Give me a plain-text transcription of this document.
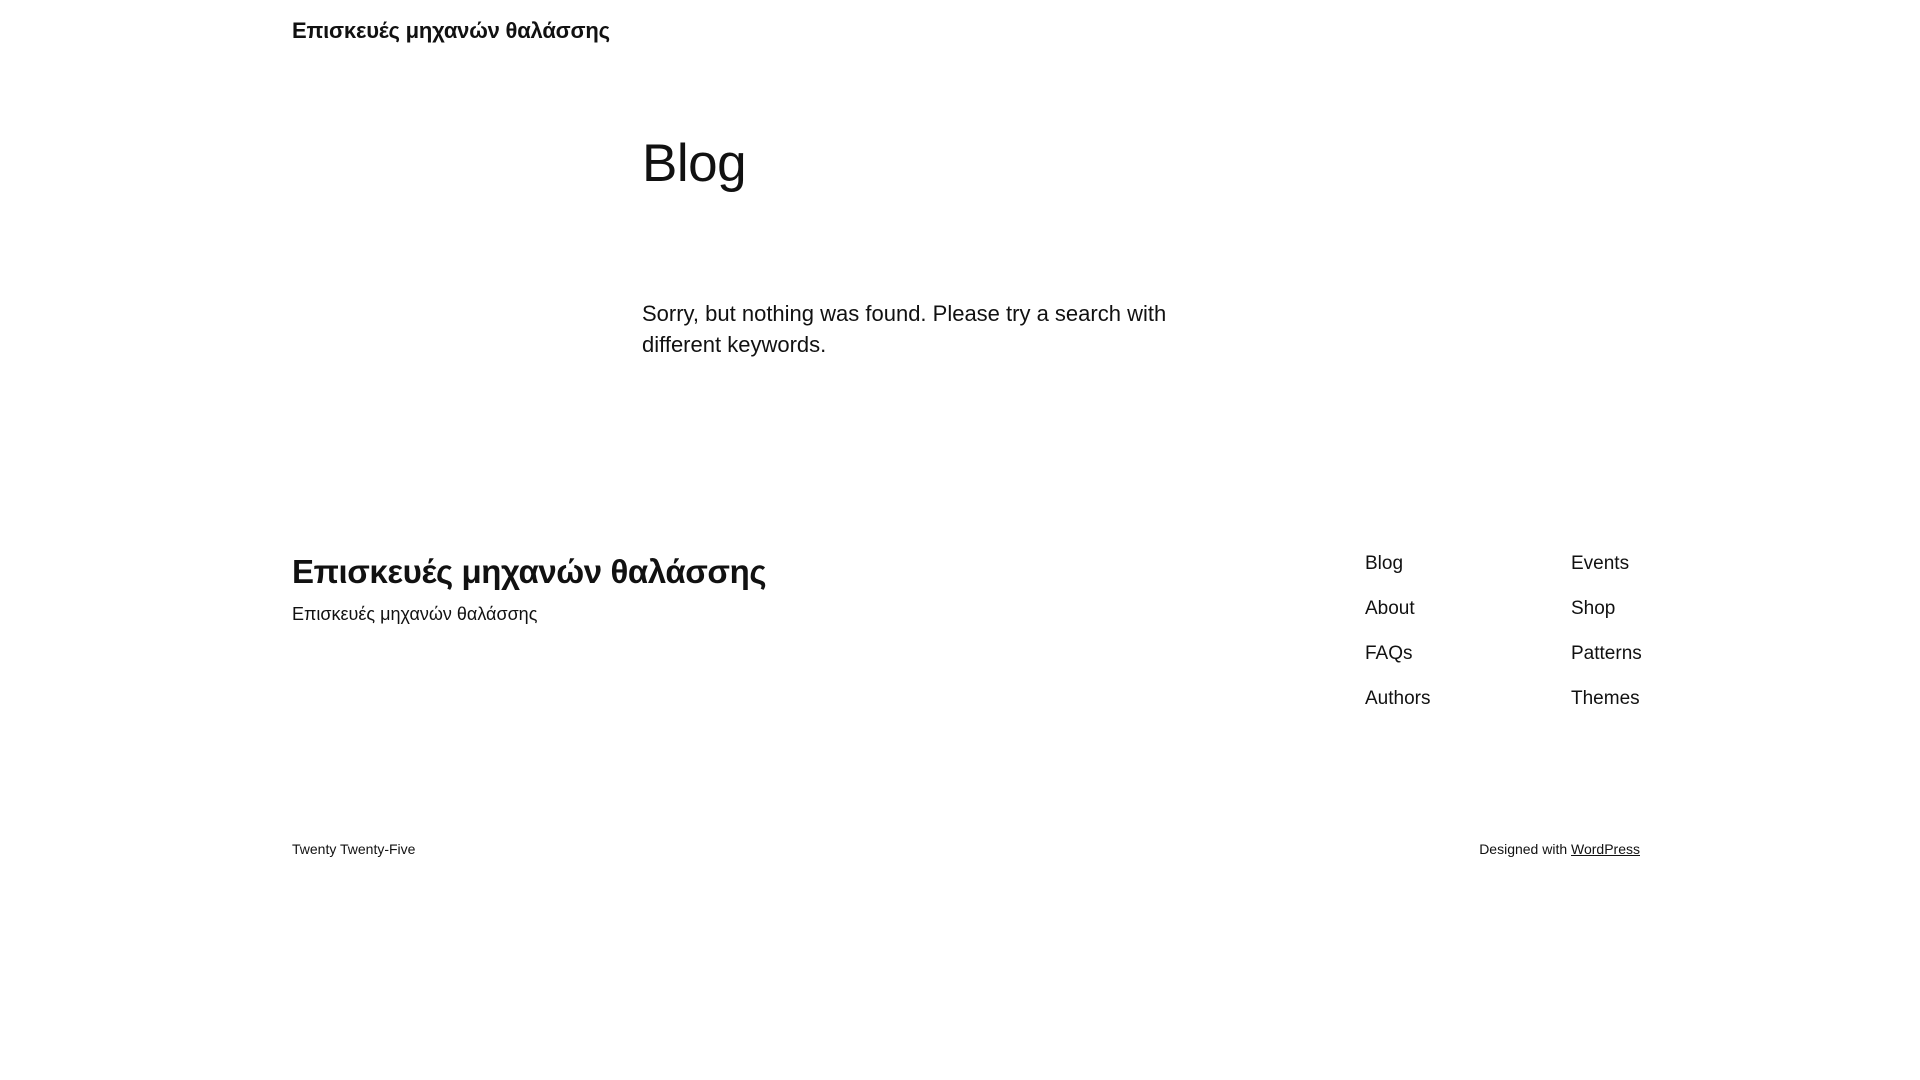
Επισκευές μηχανών θαλάσσης
Blog

Sorry, but nothing was found. Please try a search with different keywords.

Επισκευές μηχανών θαλάσσης
Επισκευές μηχανών θαλάσσης
Blog
About
FAQs
Authors
Events
Shop
Patterns
Themes
Twenty Twenty-Five	Designed with WordPress
